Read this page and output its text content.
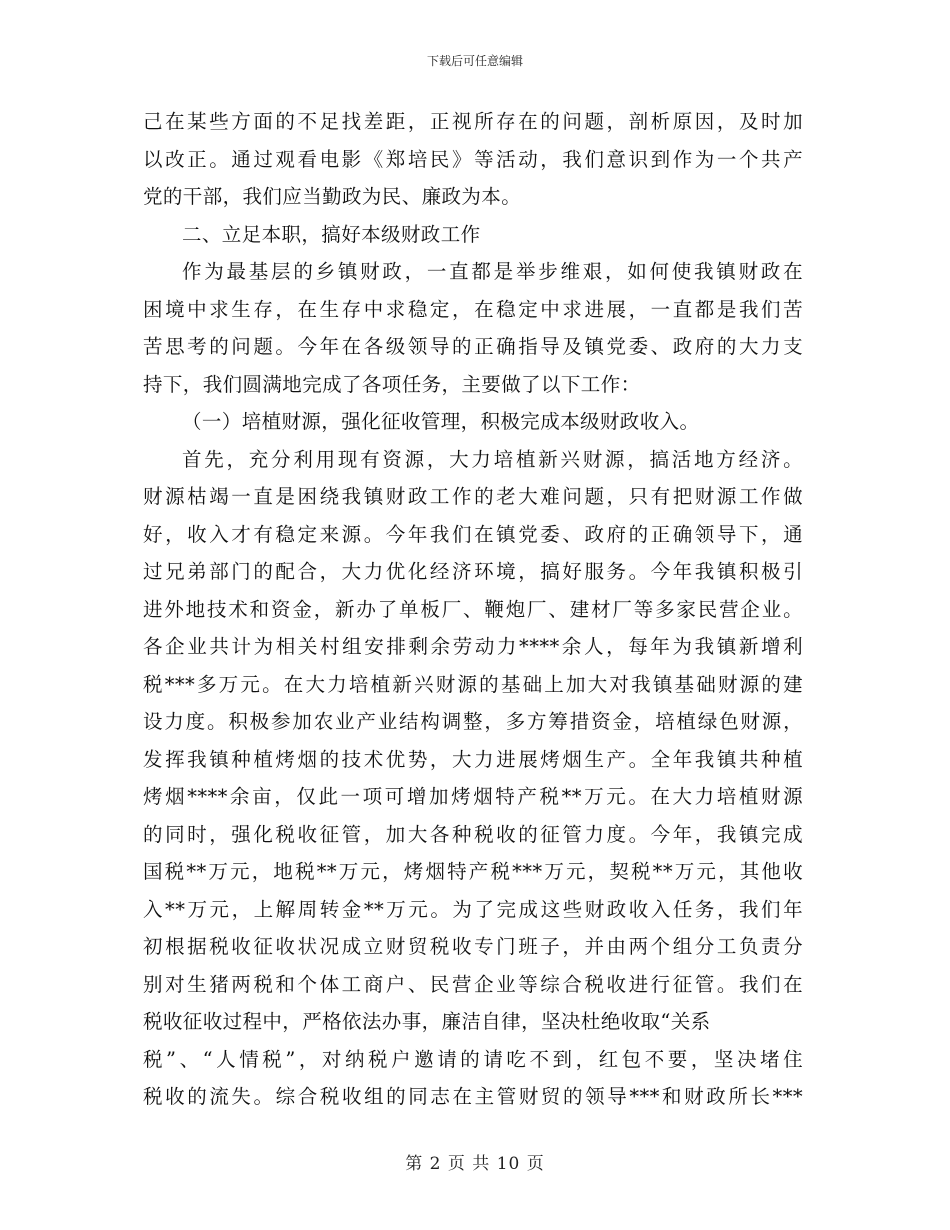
下载后可任意编辑
己在某些方面的不足找差距，正视所存在的问题，剖析原因，及时加
以改正。通过观看电影《郑培民》等活动，我们意识到作为一个共产
党的干部，我们应当勤政为民、廉政为本。
二、立足本职，搞好本级财政工作
作为最基层的乡镇财政，一直都是举步维艰，如何使我镇财政在
困境中求生存，在生存中求稳定，在稳定中求进展，一直都是我们苦
苦思考的问题。今年在各级领导的正确指导及镇党委、政府的大力支
持下，我们圆满地完成了各项任务，主要做了以下工作：
（一）培植财源，强化征收管理，积极完成本级财政收入。
首先，充分利用现有资源，大力培植新兴财源，搞活地方经济。
财源枯竭一直是困绕我镇财政工作的老大难问题，只有把财源工作做
好，收入才有稳定来源。今年我们在镇党委、政府的正确领导下，通
过兄弟部门的配合，大力优化经济环境，搞好服务。今年我镇积极引
进外地技术和资金，新办了单板厂、鞭炮厂、建材厂等多家民营企业。
各企业共计为相关村组安排剩余劳动力****余人，每年为我镇新增利
税***多万元。在大力培植新兴财源的基础上加大对我镇基础财源的建
设力度。积极参加农业产业结构调整，多方筹措资金，培植绿色财源，
发挥我镇种植烤烟的技术优势，大力进展烤烟生产。全年我镇共种植
烤烟****余亩，仅此一项可增加烤烟特产税**万元。在大力培植财源
的同时，强化税收征管，加大各种税收的征管力度。今年，我镇完成
国税**万元，地税**万元，烤烟特产税***万元，契税**万元，其他收
入**万元，上解周转金**万元。为了完成这些财政收入任务，我们年
初根据税收征收状况成立财贸税收专门班子，并由两个组分工负责分
别对生猪两税和个体工商户、民营企业等综合税收进行征管。我们在
税收征收过程中，严格依法办事，廉洁自律，坚决杜绝收取“关系
税”、“人情税”，对纳税户邀请的请吃不到，红包不要，坚决堵住
税收的流失。综合税收组的同志在主管财贸的领导***和财政所长***
第 2 页 共 10 页
